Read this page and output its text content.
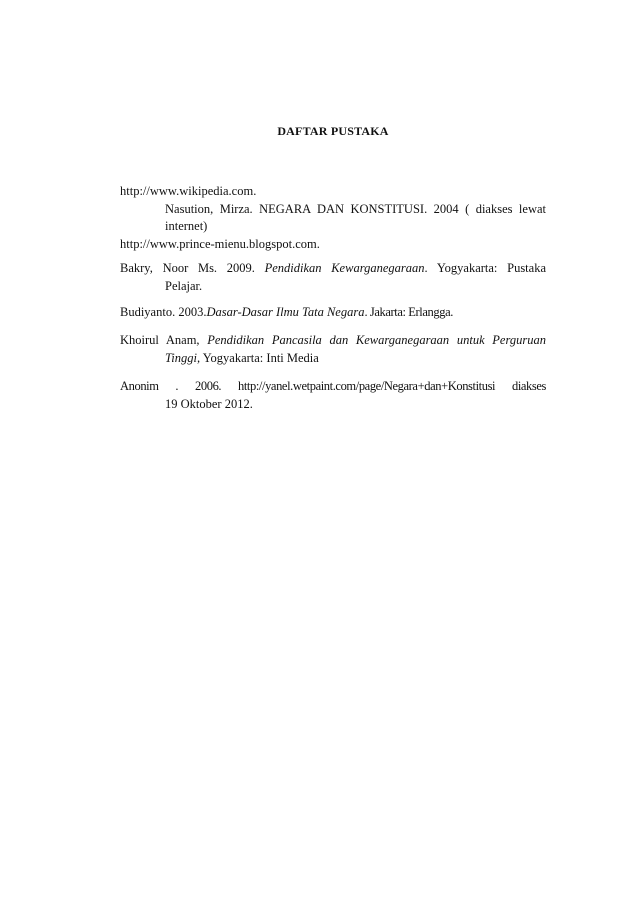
DAFTAR PUSTAKA
http://www.wikipedia.com.
Nasution, Mirza. NEGARA DAN KONSTITUSI. 2004 ( diakses lewat
internet)
http://www.prince-mienu.blogspot.com.
Bakry, Noor Ms. 2009. Pendidikan Kewarganegaraan. Yogyakarta: Pustaka
Pelajar.
Budiyanto. 2003.Dasar-Dasar Ilmu Tata Negara. Jakarta: Erlangga.
Khoirul Anam, Pendidikan Pancasila dan Kewarganegaraan untuk Perguruan
Tinggi, Yogyakarta: Inti Media
Anonim . 2006. http://yanel.wetpaint.com/page/Negara+dan+Konstitusi diakses
19 Oktober 2012.
